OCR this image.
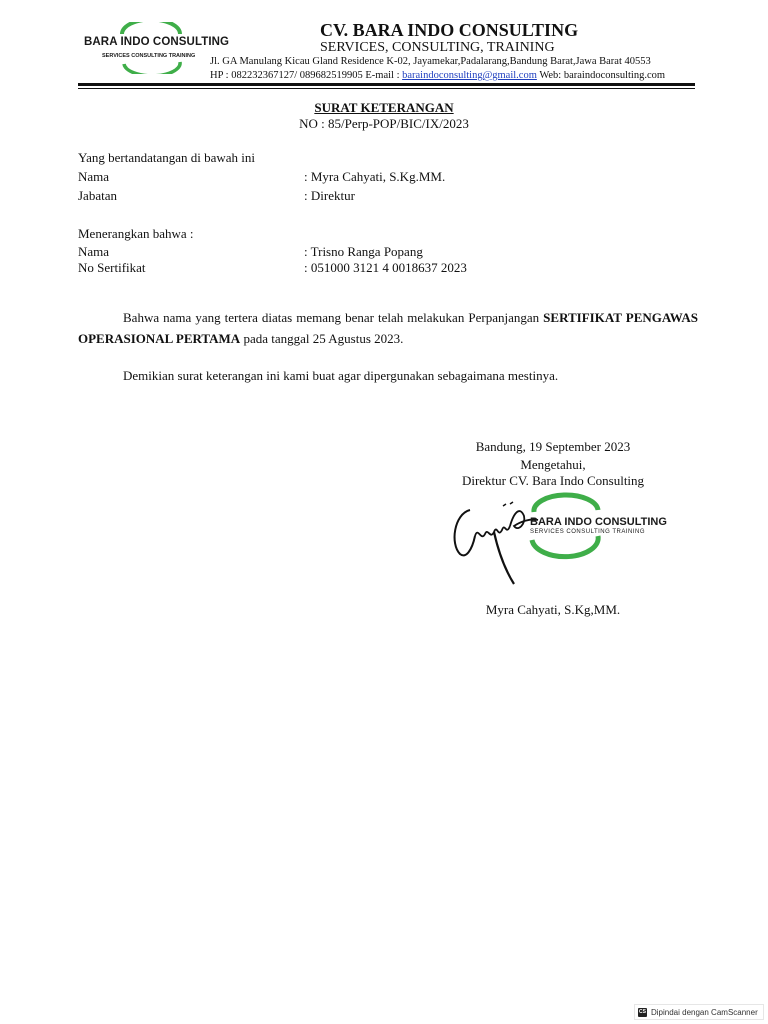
BARA INDO CONSULTING
SERVICES CONSULTING TRAINING
CV. BARA INDO CONSULTING
SERVICES, CONSULTING, TRAINING
Jl. GA Manulang Kicau Gland Residence K-02, Jayamekar,Padalarang,Bandung Barat,Jawa Barat 40553
HP : 082232367127/ 089682519905 E-mail : baraindoconsulting@gmail.com Web: baraindoconsulting.com
SURAT KETERANGAN
NO : 85/Perp-POP/BIC/IX/2023
Yang bertandatangan di bawah ini
Nama	: Myra Cahyati, S.Kg.MM.
Jabatan	: Direktur
Menerangkan bahwa :
Nama	: Trisno Ranga Popang
No Sertifikat	: 051000 3121 4 0018637 2023
Bahwa nama yang tertera diatas memang benar telah melakukan Perpanjangan SERTIFIKAT PENGAWAS OPERASIONAL PERTAMA pada tanggal 25 Agustus 2023.
Demikian surat keterangan ini kami buat agar dipergunakan sebagaimana mestinya.
Bandung, 19 September 2023
Mengetahui,
Direktur CV. Bara Indo Consulting
BARA INDO CONSULTING
SERVICES CONSULTING TRAINING
Myra Cahyati, S.Kg,MM.
CS Dipindai dengan CamScanner
